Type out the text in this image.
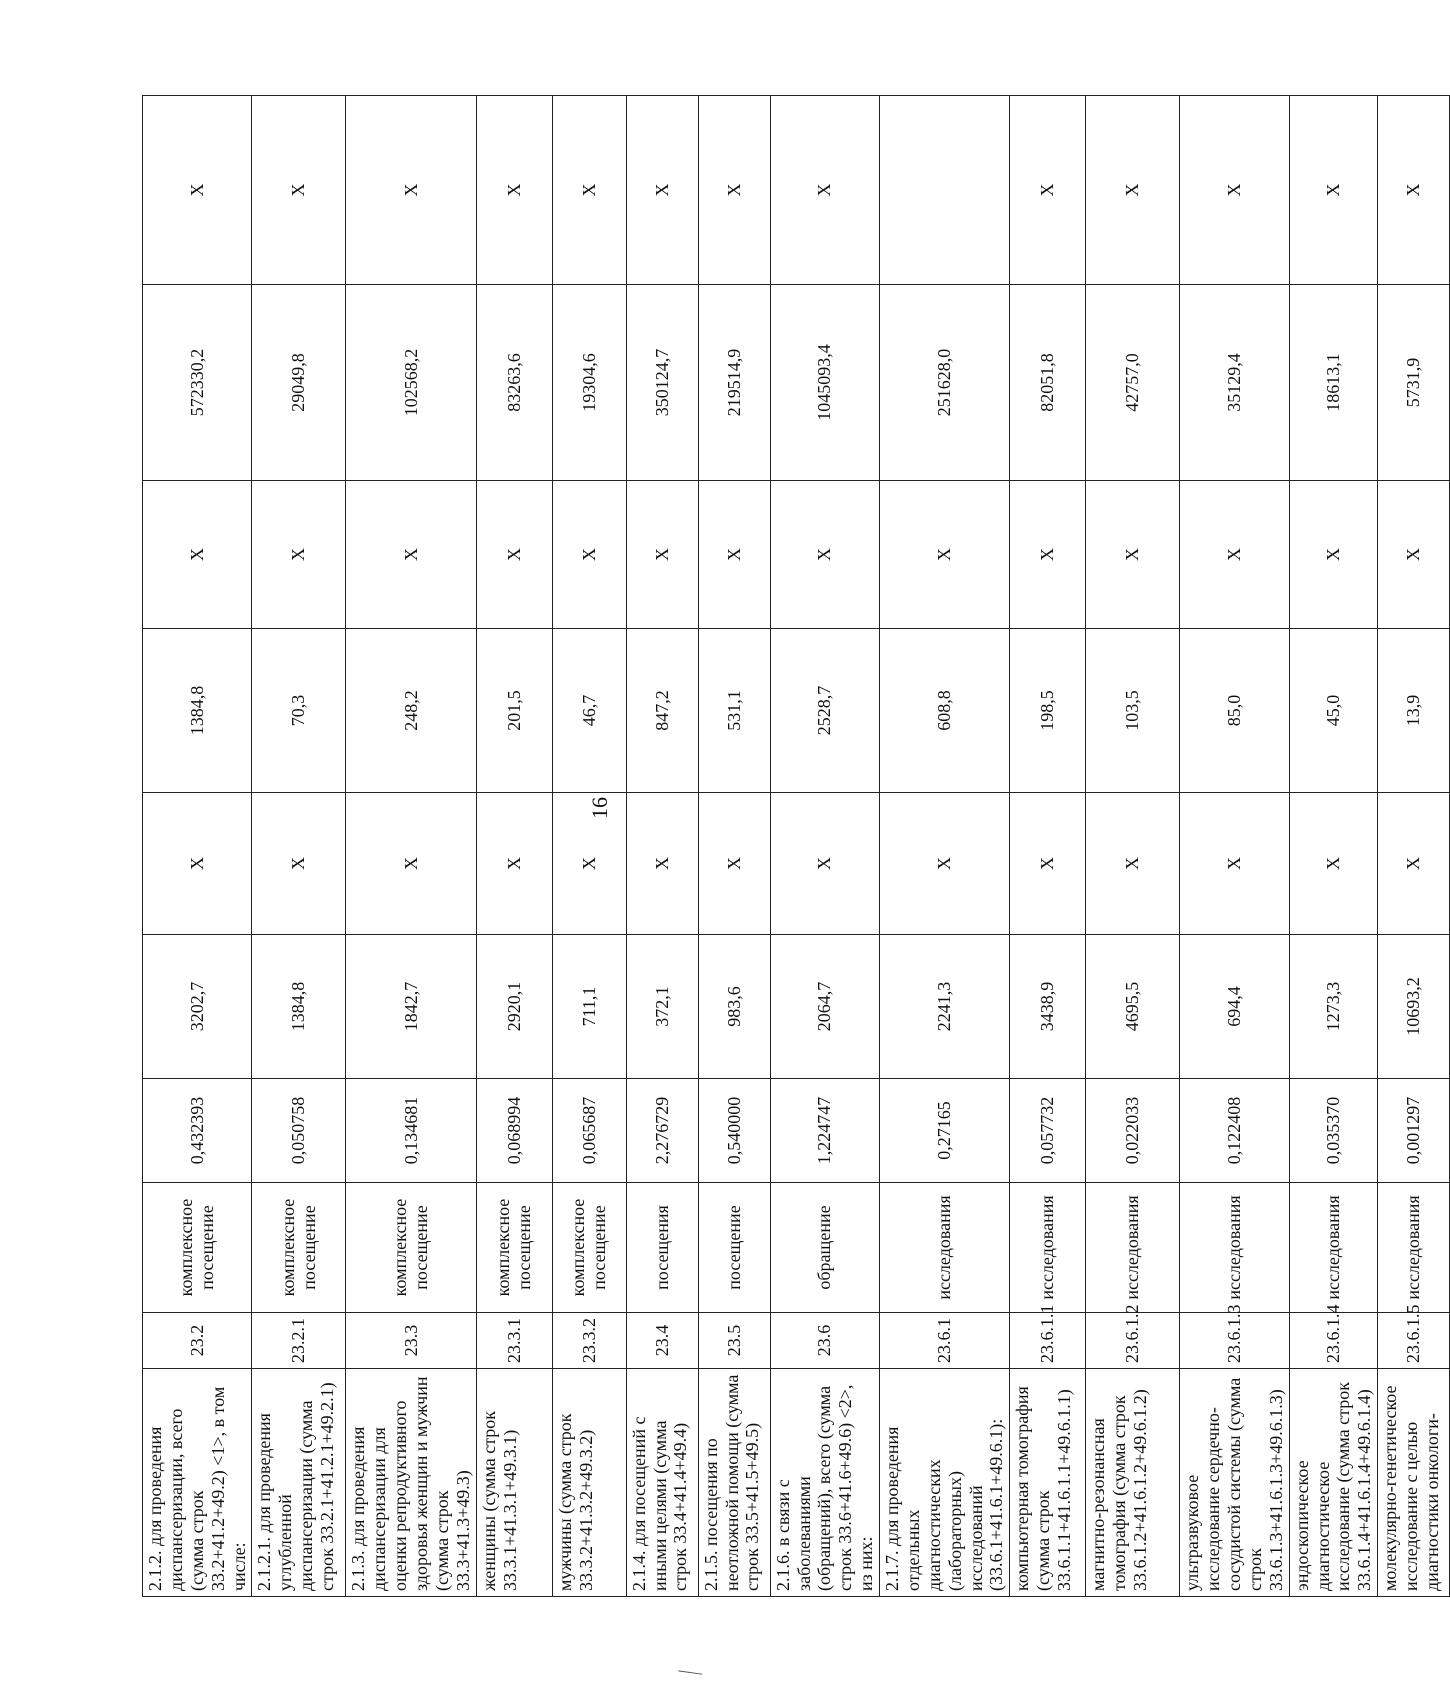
16
2.1.2. для проведения диспансеризации, всего (сумма строк 33.2+41.2+49.2) <1>, в том числе:	23.2	комплексное посещение	0,432393	3202,7	X	1384,8	X	572330,2	X
2.1.2.1. для проведения углубленной диспансеризации (сумма строк 33.2.1+41.2.1+49.2.1)	23.2.1	комплексное посещение	0,050758	1384,8	X	70,3	X	29049,8	X
2.1.3. для проведения диспансеризации для оценки репродуктивного здоровья женщин и мужчин (сумма строк 33.3+41.3+49.3)	23.3	комплексное посещение	0,134681	1842,7	X	248,2	X	102568,2	X
женщины (сумма строк 33.3.1+41.3.1+49.3.1)	23.3.1	комплексное посещение	0,068994	2920,1	X	201,5	X	83263,6	X
мужчины (сумма строк 33.3.2+41.3.2+49.3.2)	23.3.2	комплексное посещение	0,065687	711,1	X	46,7	X	19304,6	X
2.1.4. для посещений с иными целями (сумма строк 33.4+41.4+49.4)	23.4	посещения	2,276729	372,1	X	847,2	X	350124,7	X
2.1.5. посещения по неотложной помощи (сумма строк 33.5+41.5+49.5)	23.5	посещение	0,540000	983,6	X	531,1	X	219514,9	X
2.1.6. в связи с заболеваниями (обращений), всего (сумма строк 33.6+41.6+49.6) <2>, из них:	23.6	обращение	1,224747	2064,7	X	2528,7	X	1045093,4	X
2.1.7. для проведения отдельных диагностических (лабораторных) исследований (33.6.1+41.6.1+49.6.1):	23.6.1	исследования	0,27165	2241,3	X	608,8	X	251628,0	
компьютерная томография (сумма строк 33.6.1.1+41.6.1.1+49.6.1.1)	23.6.1.1	исследования	0,057732	3438,9	X	198,5	X	82051,8	X
магнитно-резонансная томография (сумма строк 33.6.1.2+41.6.1.2+49.6.1.2)	23.6.1.2	исследования	0,022033	4695,5	X	103,5	X	42757,0	X
ультразвуковое исследование сердечно-сосудистой системы (сумма строк 33.6.1.3+41.6.1.3+49.6.1.3)	23.6.1.3	исследования	0,122408	694,4	X	85,0	X	35129,4	X
эндоскопическое диагностическое исследование (сумма строк 33.6.1.4+41.6.1.4+49.6.1.4)	23.6.1.4	исследования	0,035370	1273,3	X	45,0	X	18613,1	X
молекулярно-генетическое исследование с целью диагностики онкологи-	23.6.1.5	исследования	0,001297	10693,2	X	13,9	X	5731,9	X
